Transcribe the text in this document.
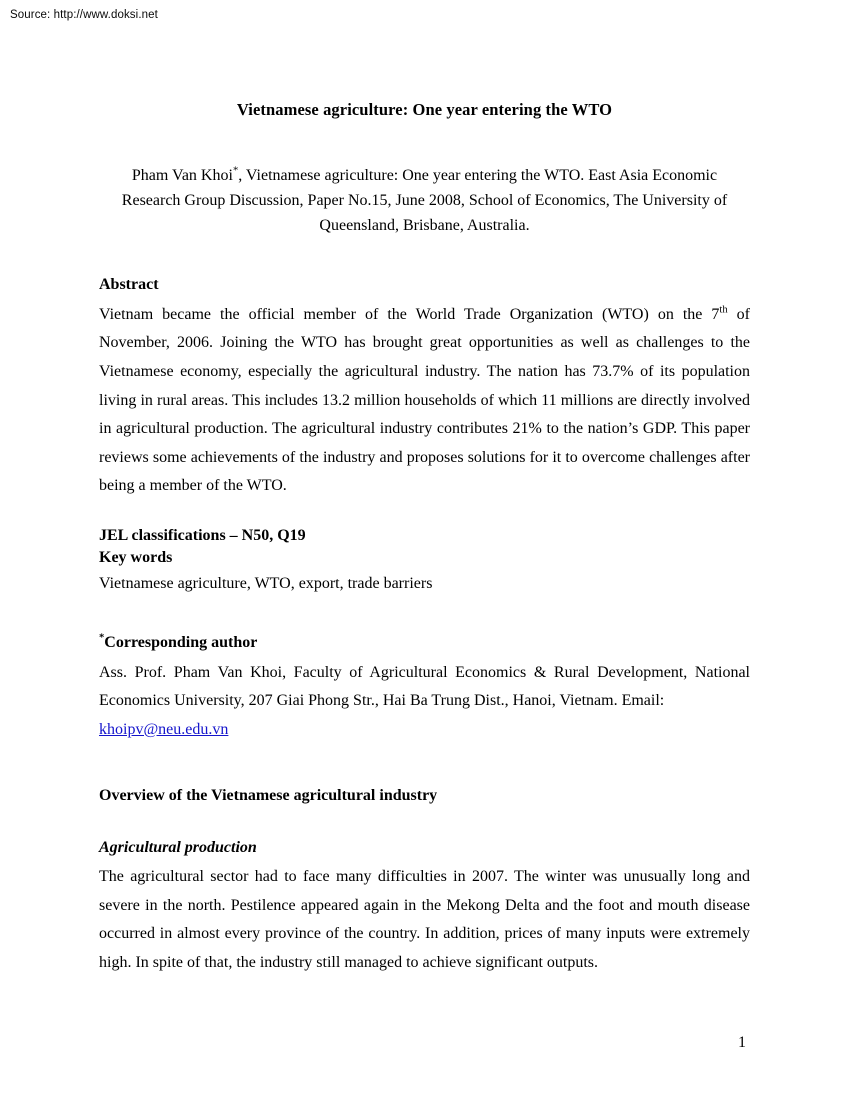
Source: http://www.doksi.net
Vietnamese agriculture: One year entering the WTO
Pham Van Khoi*, Vietnamese agriculture: One year entering the WTO. East Asia Economic Research Group Discussion, Paper No.15, June 2008, School of Economics, The University of Queensland, Brisbane, Australia.
Abstract
Vietnam became the official member of the World Trade Organization (WTO) on the 7th of November, 2006. Joining the WTO has brought great opportunities as well as challenges to the Vietnamese economy, especially the agricultural industry. The nation has 73.7% of its population living in rural areas. This includes 13.2 million households of which 11 millions are directly involved in agricultural production. The agricultural industry contributes 21% to the nation’s GDP. This paper reviews some achievements of the industry and proposes solutions for it to overcome challenges after being a member of the WTO.
JEL classifications – N50, Q19
Key words
Vietnamese agriculture, WTO, export, trade barriers
*Corresponding author
Ass. Prof. Pham Van Khoi, Faculty of Agricultural Economics & Rural Development, National Economics University, 207 Giai Phong Str., Hai Ba Trung Dist., Hanoi, Vietnam. Email:
khoipv@neu.edu.vn
Overview of the Vietnamese agricultural industry
Agricultural production
The agricultural sector had to face many difficulties in 2007. The winter was unusually long and severe in the north. Pestilence appeared again in the Mekong Delta and the foot and mouth disease occurred in almost every province of the country. In addition, prices of many inputs were extremely high. In spite of that, the industry still managed to achieve significant outputs.
1
